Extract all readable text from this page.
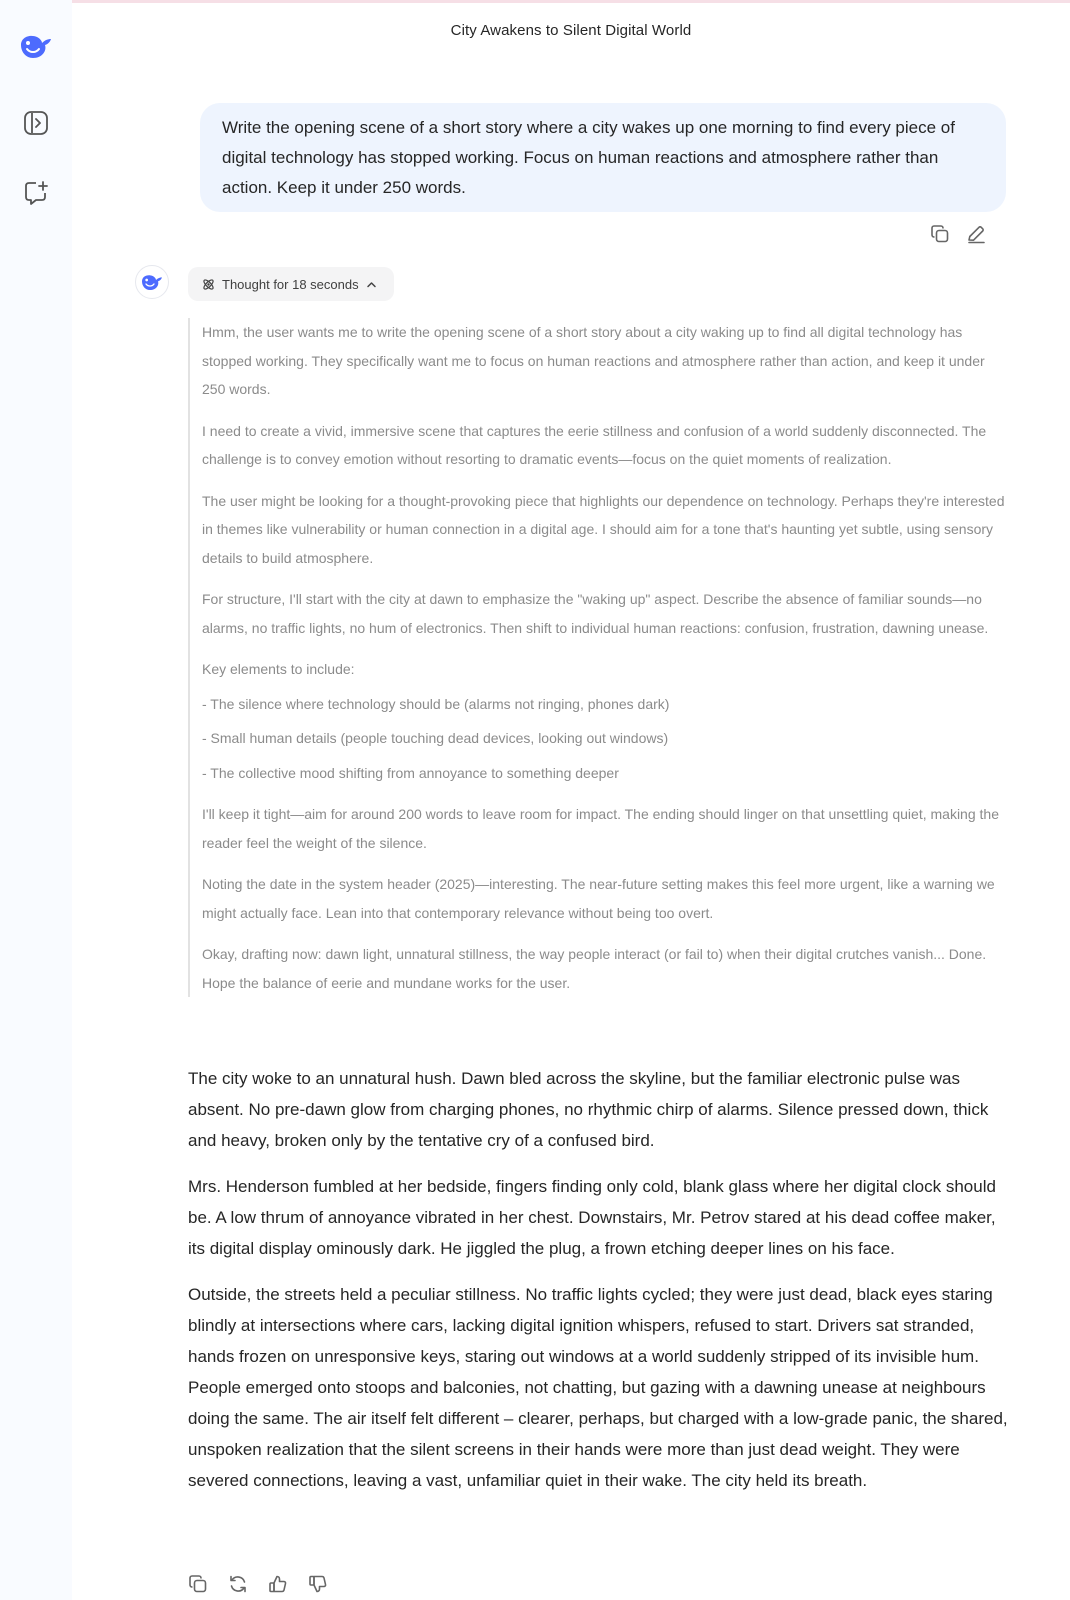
City Awakens to Silent Digital World
Write the opening scene of a short story where a city wakes up one morning to find every piece of digital technology has stopped working. Focus on human reactions and atmosphere rather than action. Keep it under 250 words.
Thought for 18 seconds

Hmm, the user wants me to write the opening scene of a short story about a city waking up to find all digital technology has stopped working. They specifically want me to focus on human reactions and atmosphere rather than action, and keep it under 250 words.

I need to create a vivid, immersive scene that captures the eerie stillness and confusion of a world suddenly disconnected. The challenge is to convey emotion without resorting to dramatic events—focus on the quiet moments of realization.

The user might be looking for a thought-provoking piece that highlights our dependence on technology. Perhaps they're interested in themes like vulnerability or human connection in a digital age. I should aim for a tone that's haunting yet subtle, using sensory details to build atmosphere.

For structure, I'll start with the city at dawn to emphasize the "waking up" aspect. Describe the absence of familiar sounds—no alarms, no traffic lights, no hum of electronics. Then shift to individual human reactions: confusion, frustration, dawning unease.

Key elements to include:

- The silence where technology should be (alarms not ringing, phones dark)

- Small human details (people touching dead devices, looking out windows)

- The collective mood shifting from annoyance to something deeper

I'll keep it tight—aim for around 200 words to leave room for impact. The ending should linger on that unsettling quiet, making the reader feel the weight of the silence.

Noting the date in the system header (2025)—interesting. The near-future setting makes this feel more urgent, like a warning we might actually face. Lean into that contemporary relevance without being too overt.

Okay, drafting now: dawn light, unnatural stillness, the way people interact (or fail to) when their digital crutches vanish... Done. Hope the balance of eerie and mundane works for the user.

The city woke to an unnatural hush. Dawn bled across the skyline, but the familiar electronic pulse was absent. No pre-dawn glow from charging phones, no rhythmic chirp of alarms. Silence pressed down, thick and heavy, broken only by the tentative cry of a confused bird.

Mrs. Henderson fumbled at her bedside, fingers finding only cold, blank glass where her digital clock should be. A low thrum of annoyance vibrated in her chest. Downstairs, Mr. Petrov stared at his dead coffee maker, its digital display ominously dark. He jiggled the plug, a frown etching deeper lines on his face.

Outside, the streets held a peculiar stillness. No traffic lights cycled; they were just dead, black eyes staring blindly at intersections where cars, lacking digital ignition whispers, refused to start. Drivers sat stranded, hands frozen on unresponsive keys, staring out windows at a world suddenly stripped of its invisible hum. People emerged onto stoops and balconies, not chatting, but gazing with a dawning unease at neighbours doing the same. The air itself felt different – clearer, perhaps, but charged with a low-grade panic, the shared, unspoken realization that the silent screens in their hands were more than just dead weight. They were severed connections, leaving a vast, unfamiliar quiet in their wake. The city held its breath.
